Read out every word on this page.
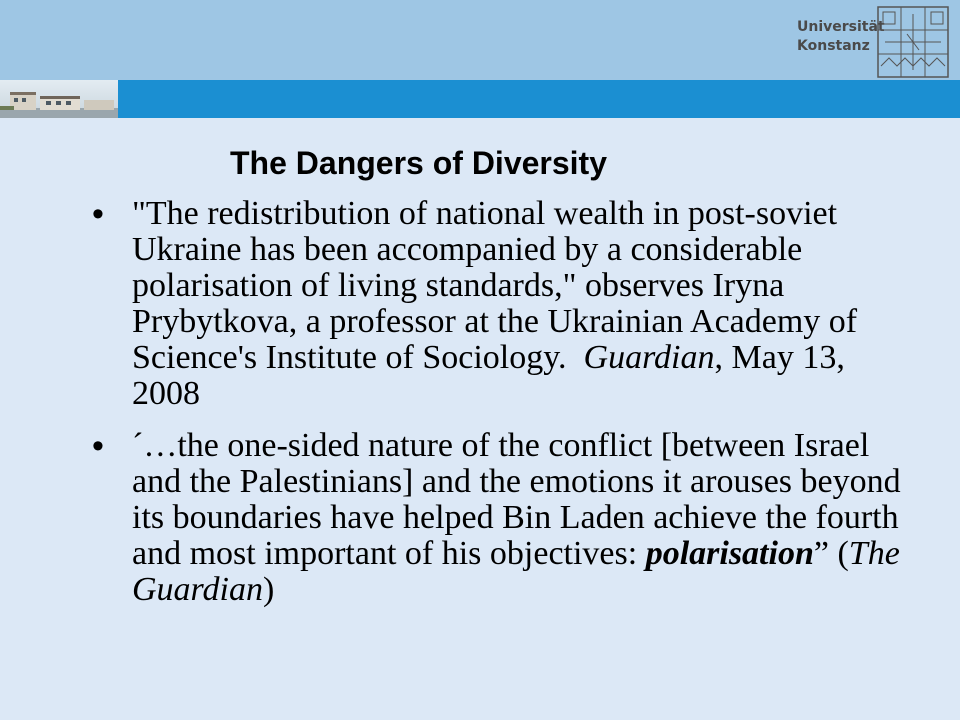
Universität
Konstanz
The Dangers of Diversity
• "The redistribution of national wealth in post-soviet Ukraine has been accompanied by a considerable polarisation of living standards," observes Iryna Prybytkova, a professor at the Ukrainian Academy of Science's Institute of Sociology. Guardian, May 13, 2008
• ´…the one-sided nature of the conflict [between Israel and the Palestinians] and the emotions it arouses beyond its boundaries have helped Bin Laden achieve the fourth and most important of his objectives: polarisation” (The Guardian)
